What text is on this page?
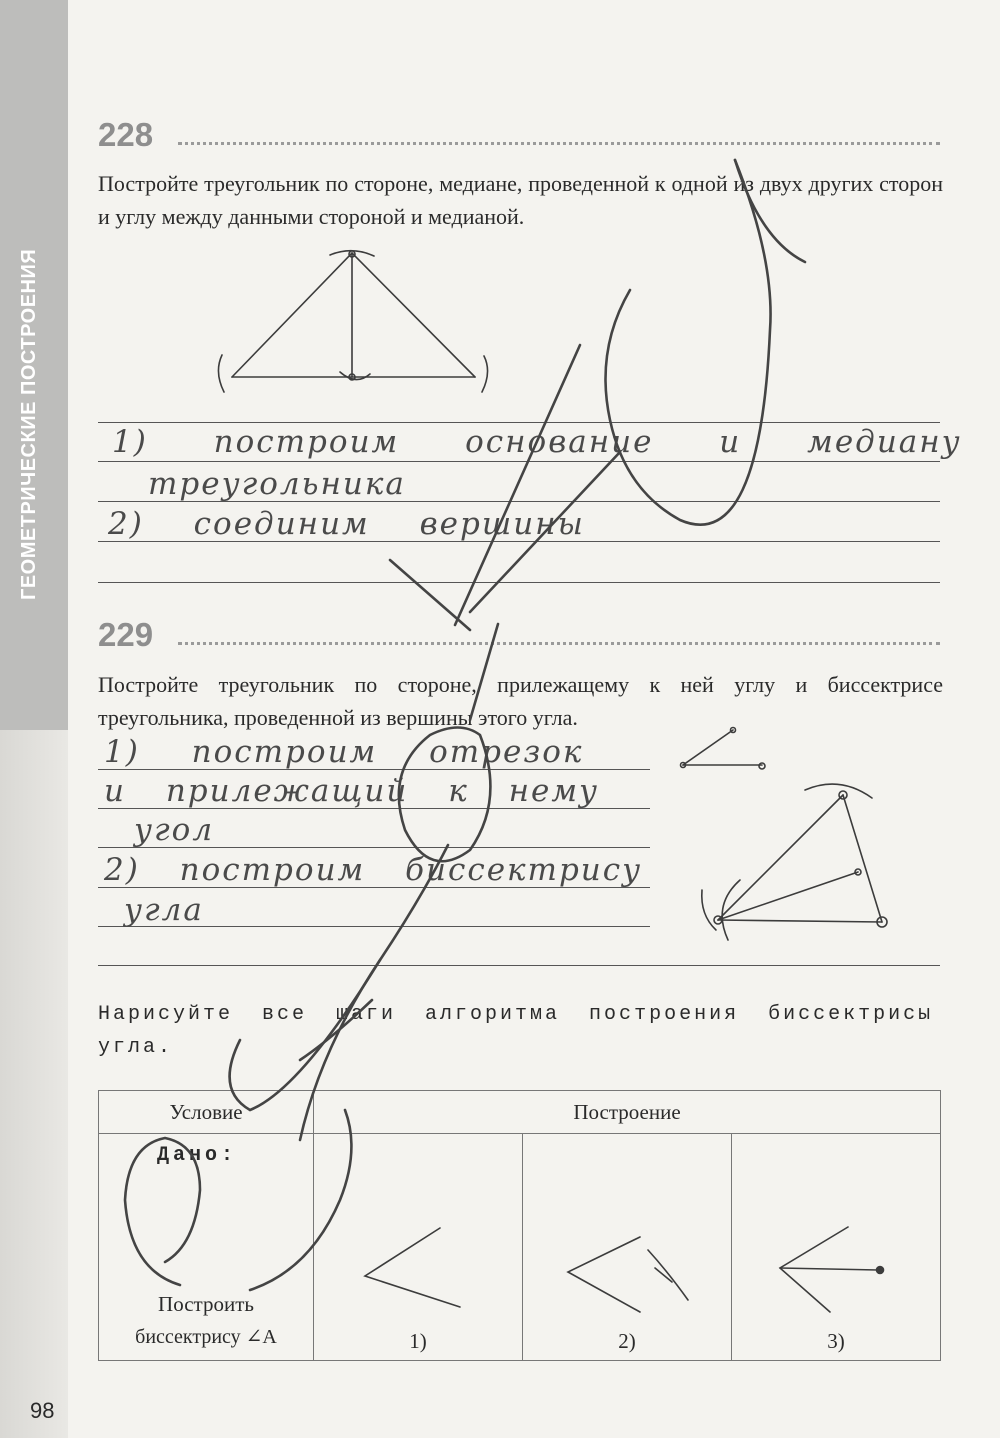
ГЕОМЕТРИЧЕСКИЕ ПОСТРОЕНИЯ
228
Постройте треугольник по стороне, медиане, проведенной к одной из двух других сторон и углу между данными стороной и медианой.
1) построим основание и медиану
треугольника
2) соединим вершины
229
Постройте треугольник по стороне, прилежащему к ней углу и биссектрисе треугольника, проведенной из вершины этого угла.
1) построим отрезок
и прилежащий к нему
угол
2) построим биссектрису
угла
Нарисуйте все шаги алгоритма построения биссектрисы угла.
Условие	Построение		

Дано:
Построить
биссектрису ∠A	1)	2)	3)
98
